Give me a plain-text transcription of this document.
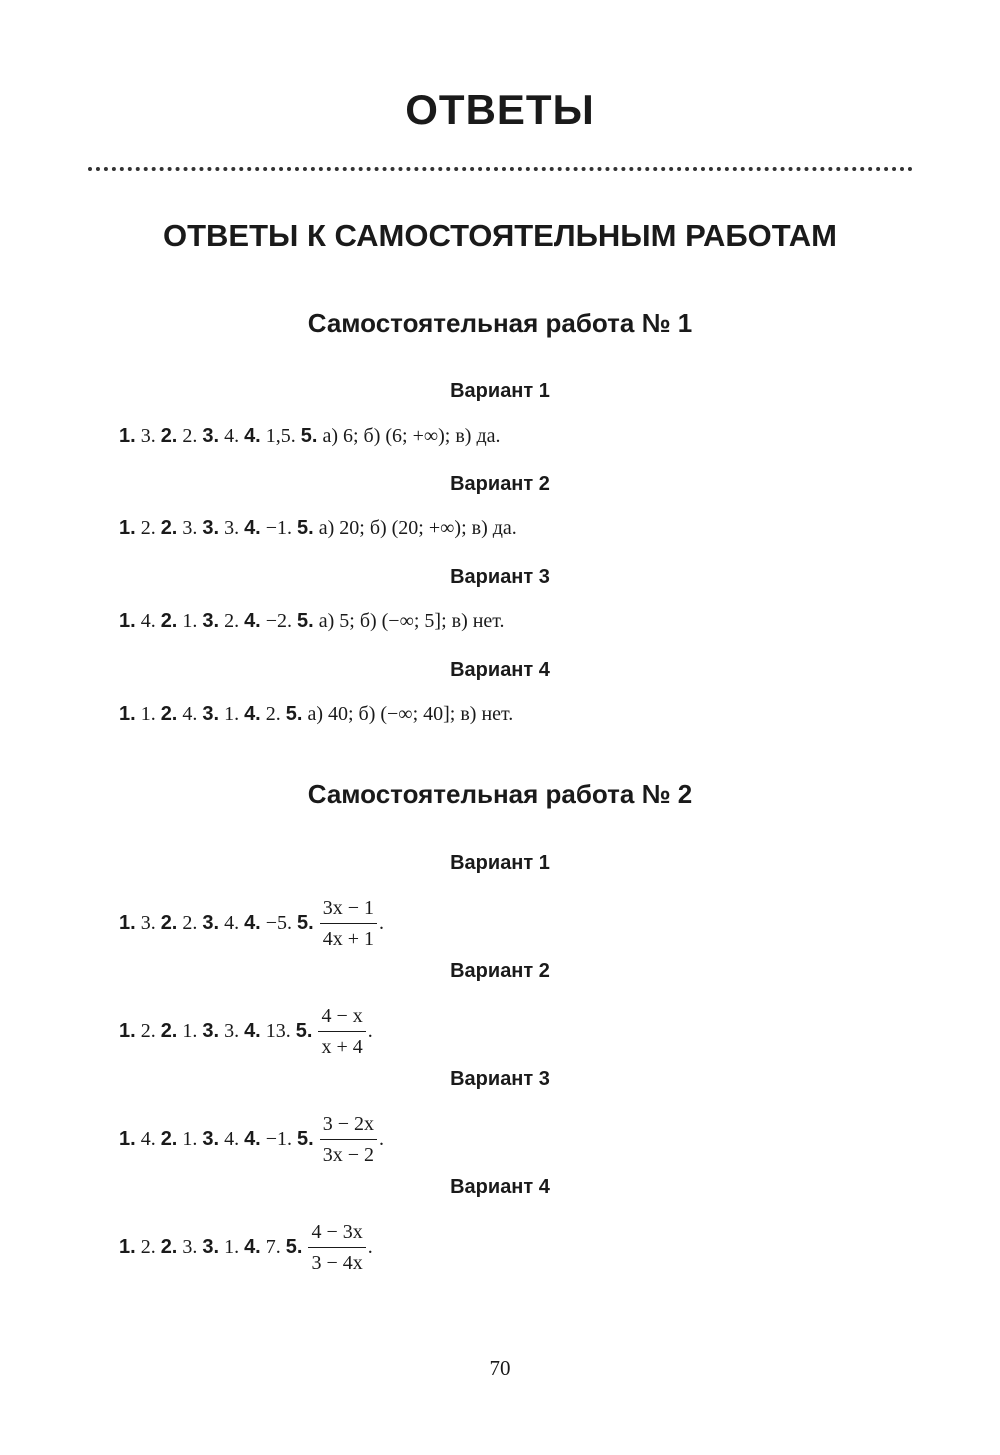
ОТВЕТЫ
ОТВЕТЫ К САМОСТОЯТЕЛЬНЫМ РАБОТАМ
Самостоятельная работа № 1
Вариант 1
1. 3. 2. 2. 3. 4. 4. 1,5. 5. а) 6; б) (6; +∞); в) да.
Вариант 2
1. 2. 2. 3. 3. 3. 4. −1. 5. а) 20; б) (20; +∞); в) да.
Вариант 3
1. 4. 2. 1. 3. 2. 4. −2. 5. а) 5; б) (−∞; 5]; в) нет.
Вариант 4
1. 1. 2. 4. 3. 1. 4. 2. 5. а) 40; б) (−∞; 40]; в) нет.
Самостоятельная работа № 2
Вариант 1
1.
3.
2.
2.
3.
4.
4.
−5.
5. $\frac{3x - 1}{4x + 1}$ .
Вариант 2
1.
2.
2.
1.
3.
3.
4.
13.
5. $\frac{4 - x}{x + 4}$ .
Вариант 3
1.
4.
2.
1.
3.
4.
4.
−1.
5. $\frac{3 - 2x}{3x - 2}$ .
Вариант 4
1.
2.
2.
3.
3.
1.
4.
7.
5. $\frac{4 - 3x}{3 - 4x}$ .
70
